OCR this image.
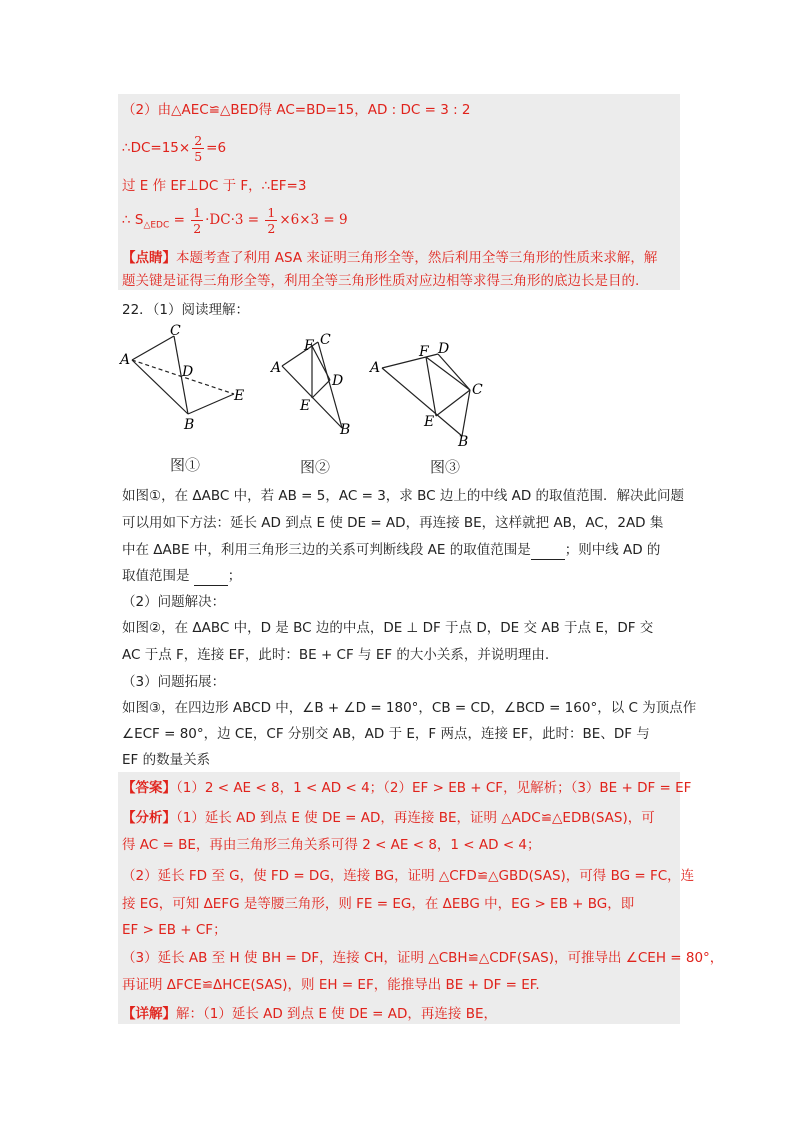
（2）由△AEC≌△BED得 AC=BD=15，AD : DC = 3 : 2
∴DC=15× $\frac{2}{5} =6$
过 E 作 EF⊥DC 于 F，∴EF=3
∴ $S_{\triangle EDC} = \frac{1}{2} \cdot DC\cdot 3 = \frac{1}{2} \times 6\times 3 = 9$
【点睛】本题考查了利用 ASA 来证明三角形全等，然后利用全等三角形的性质来求解，解
题关键是证得三角形全等，利用全等三角形性质对应边相等求得三角形的底边长是目的.
22．（1）阅读理解：
A
C
D
E
B
A
F C
D
E
B
A
F D
C
E
B
图①	图②	图③
如图①，在 ΔABC 中，若 AB = 5，AC = 3，求 BC 边上的中线 AD 的取值范围．解决此问题
可以用如下方法：延长 AD 到点 E 使 DE = AD，再连接 BE，这样就把 AB，AC，2AD 集
中在 ΔABE 中，利用三角形三边的关系可判断线段 AE 的取值范围是	；则中线 AD 的
取值范围是	；
（2）问题解决：
如图②，在 ΔABC 中，D 是 BC 边的中点，DE ⊥ DF 于点 D，DE 交 AB 于点 E，DF 交
AC 于点 F，连接 EF，此时：BE + CF 与 EF 的大小关系，并说明理由.
（3）问题拓展：
如图③，在四边形 ABCD 中，∠B + ∠D = 180°，CB = CD，∠BCD = 160°，以 C 为顶点作
∠ECF = 80°，边 CE，CF 分别交 AB，AD 于 E，F 两点，连接 EF，此时：BE、DF 与
EF 的数量关系
【答案】（1）2 < AE < 8，1 < AD < 4；（2）EF > EB + CF，见解析；（3）BE + DF = EF
【分析】（1）延长 AD 到点 E 使 DE = AD，再连接 BE，证明 △ADC≌△EDB(SAS)，可
得 AC = BE，再由三角形三角关系可得 2 < AE < 8，1 < AD < 4；
（2）延长 FD 至 G，使 FD = DG，连接 BG，证明 △CFD≌△GBD(SAS)，可得 BG = FC，连
接 EG，可知 ΔEFG 是等腰三角形，则 FE = EG，在 ΔEBG 中，EG > EB + BG，即
EF > EB + CF；
（3）延长 AB 至 H 使 BH = DF，连接 CH，证明 △CBH≌△CDF(SAS)，可推导出 ∠CEH = 80°，
再证明 ΔFCE≌ΔHCE(SAS)，则 EH = EF，能推导出 BE + DF = EF.
【详解】解：（1）延长 AD 到点 E 使 DE = AD，再连接 BE，
